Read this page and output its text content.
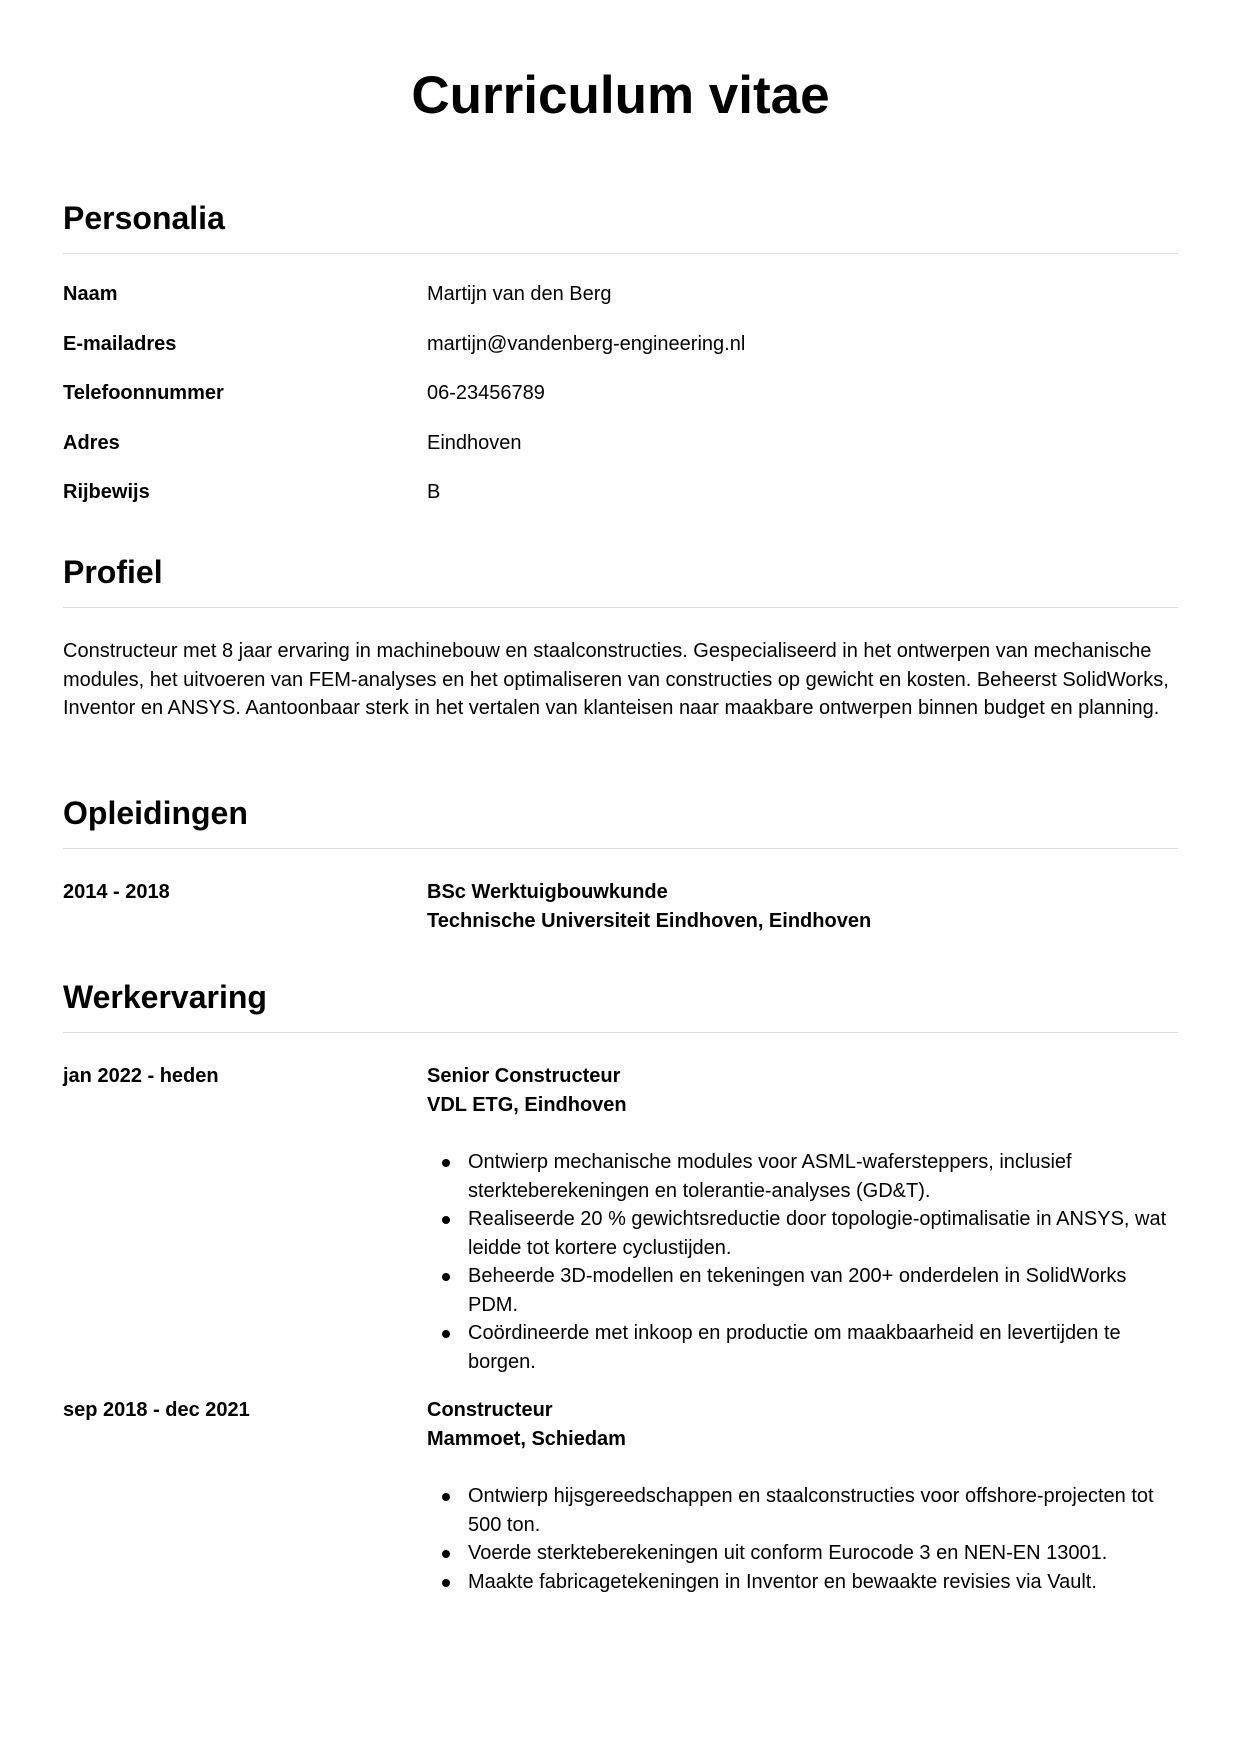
Curriculum vitae
Personalia
Naam	Martijn van den Berg
E-mailadres	martijn@vandenberg-engineering.nl
Telefoonnummer	06-23456789
Adres	Eindhoven
Rijbewijs	B
Profiel

Constructeur met 8 jaar ervaring in machinebouw en staalconstructies. Gespecialiseerd in het ontwerpen van mechanische modules, het uitvoeren van FEM-analyses en het optimaliseren van constructies op gewicht en kosten. Beheerst SolidWorks, Inventor en ANSYS. Aantoonbaar sterk in het vertalen van klanteisen naar maakbare ontwerpen binnen budget en planning.

Opleidingen
2014 - 2018	BSc Werktuigbouwkunde
Technische Universiteit Eindhoven, Eindhoven
Werkervaring
jan 2022 - heden	Senior Constructeur
VDL ETG, Eindhoven
Ontwierp mechanische modules voor ASML-wafersteppers, inclusief sterkteberekeningen en tolerantie-analyses (GD&T).
Realiseerde 20 % gewichtsreductie door topologie-optimalisatie in ANSYS, wat leidde tot kortere cyclustijden.
Beheerde 3D-modellen en tekeningen van 200+ onderdelen in SolidWorks PDM.
Coördineerde met inkoop en productie om maakbaarheid en levertijden te borgen.
sep 2018 - dec 2021	Constructeur
Mammoet, Schiedam
Ontwierp hijsgereedschappen en staalconstructies voor offshore-projecten tot 500 ton.
Voerde sterkteberekeningen uit conform Eurocode 3 en NEN-EN 13001.
Maakte fabricagetekeningen in Inventor en bewaakte revisies via Vault.
